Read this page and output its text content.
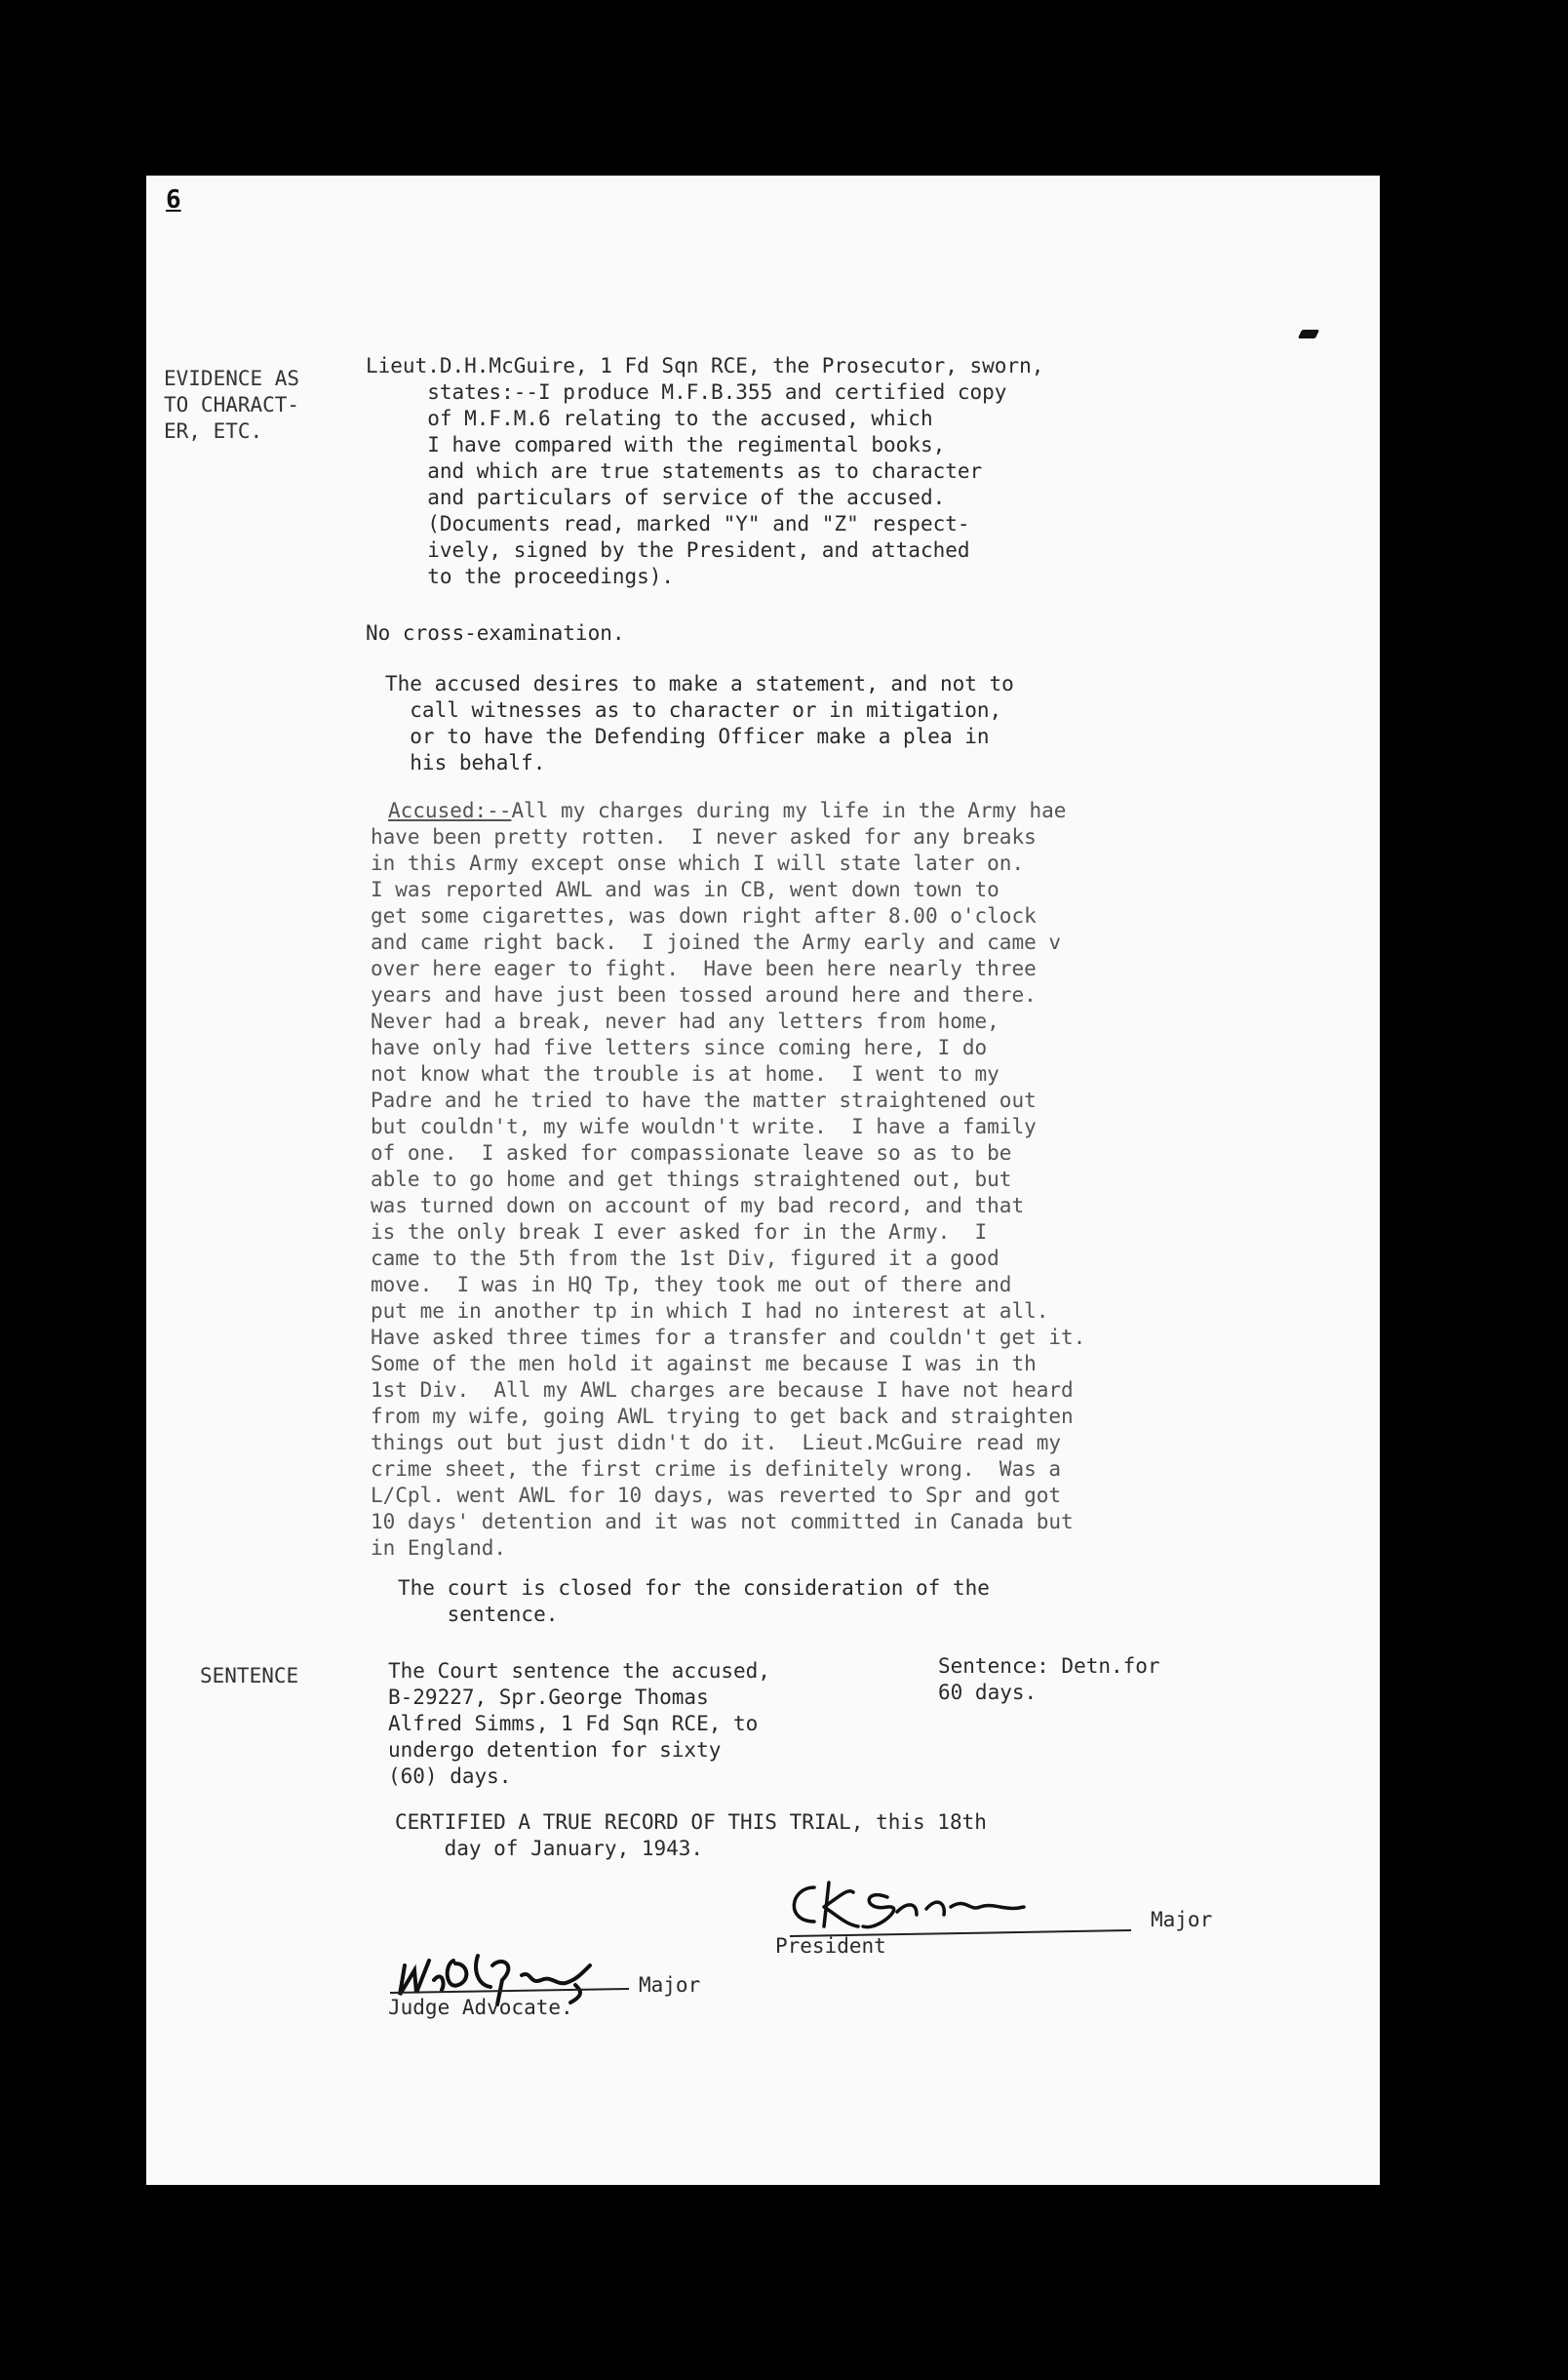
6
EVIDENCE AS
TO CHARACT-
ER, ETC.
Lieut.D.H.McGuire, 1 Fd Sqn RCE, the Prosecutor, sworn,
states:--I produce M.F.B.355 and certified copy
of M.F.M.6 relating to the accused, which
I have compared with the regimental books,
and which are true statements as to character
and particulars of service of the accused.
(Documents read, marked "Y" and "Z" respect-
ively, signed by the President, and attached
to the proceedings).
No cross-examination.
The accused desires to make a statement, and not to
call witnesses as to character or in mitigation,
or to have the Defending Officer make a plea in
his behalf.
Accused:--All my charges during my life in the Army hae
have been pretty rotten.  I never asked for any breaks
in this Army except onse which I will state later on.
I was reported AWL and was in CB, went down town to
get some cigarettes, was down right after 8.00 o'clock
and came right back.  I joined the Army early and came v
over here eager to fight.  Have been here nearly three
years and have just been tossed around here and there.
Never had a break, never had any letters from home,
have only had five letters since coming here, I do
not know what the trouble is at home.  I went to my
Padre and he tried to have the matter straightened out
but couldn't, my wife wouldn't write.  I have a family
of one.  I asked for compassionate leave so as to be
able to go home and get things straightened out, but
was turned down on account of my bad record, and that
is the only break I ever asked for in the Army.  I
came to the 5th from the 1st Div, figured it a good
move.  I was in HQ Tp, they took me out of there and
put me in another tp in which I had no interest at all.
Have asked three times for a transfer and couldn't get it.
Some of the men hold it against me because I was in th
1st Div.  All my AWL charges are because I have not heard
from my wife, going AWL trying to get back and straighten
things out but just didn't do it.  Lieut.McGuire read my
crime sheet, the first crime is definitely wrong.  Was a
L/Cpl. went AWL for 10 days, was reverted to Spr and got
10 days' detention and it was not committed in Canada but
in England.
The court is closed for the consideration of the
sentence.
SENTENCE	The Court sentence the accused,
B-29227, Spr.George Thomas
Alfred Simms, 1 Fd Sqn RCE, to
undergo detention for sixty
(60) days.
Sentence: Detn.for
60 days.
CERTIFIED A TRUE RECORD OF THIS TRIAL, this 18th
day of January, 1943.
Major
President
Major
Judge Advocate.
